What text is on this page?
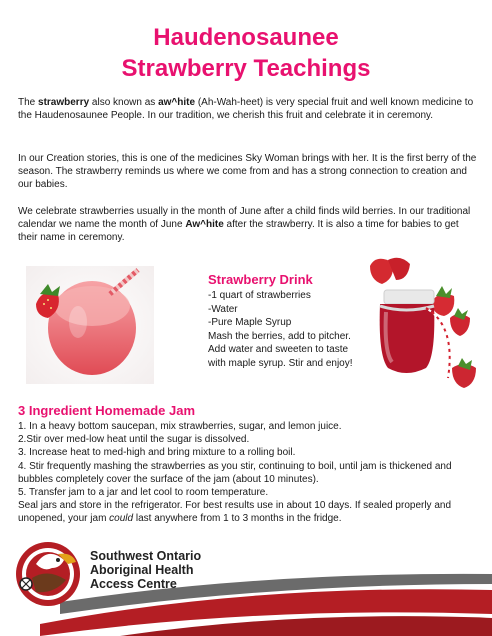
Haudenosaunee
Strawberry Teachings
The strawberry also known as aw^hite (Ah-Wah-heet) is very special fruit and well known medicine to the Haudenosaunee People. In our tradition, we cherish this fruit and celebrate it in ceremony.
In our Creation stories, this is one of the medicines Sky Woman brings with her. It is the first berry of the season. The strawberry reminds us where we come from and has a strong connection to creation and our babies.
We celebrate strawberries usually in the month of June after a child finds wild berries. In our traditional calendar we name the month of June Aw^hite after the strawberry. It is also a time for babies to get their name in ceremony.
Strawberry Drink
-1 quart of strawberries
-Water
-Pure Maple Syrup
Mash the berries, add to pitcher. Add water and sweeten to taste with maple syrup. Stir and enjoy!
3 Ingredient Homemade Jam
1. In a heavy bottom saucepan, mix strawberries, sugar, and lemon juice.
2.Stir over med-low heat until the sugar is dissolved.
3. Increase heat to med-high and bring mixture to a rolling boil.
4. Stir frequently mashing the strawberries as you stir, continuing to boil, until jam is thickened and bubbles completely cover the surface of the jam (about 10 minutes).
5. Transfer jam to a jar and let cool to room temperature.
Seal jars and store in the refrigerator. For best results use in about 10 days. If sealed properly and unopened, your jam could last anywhere from 1 to 3 months in the fridge.
Southwest Ontario
Aboriginal Health
Access Centre
